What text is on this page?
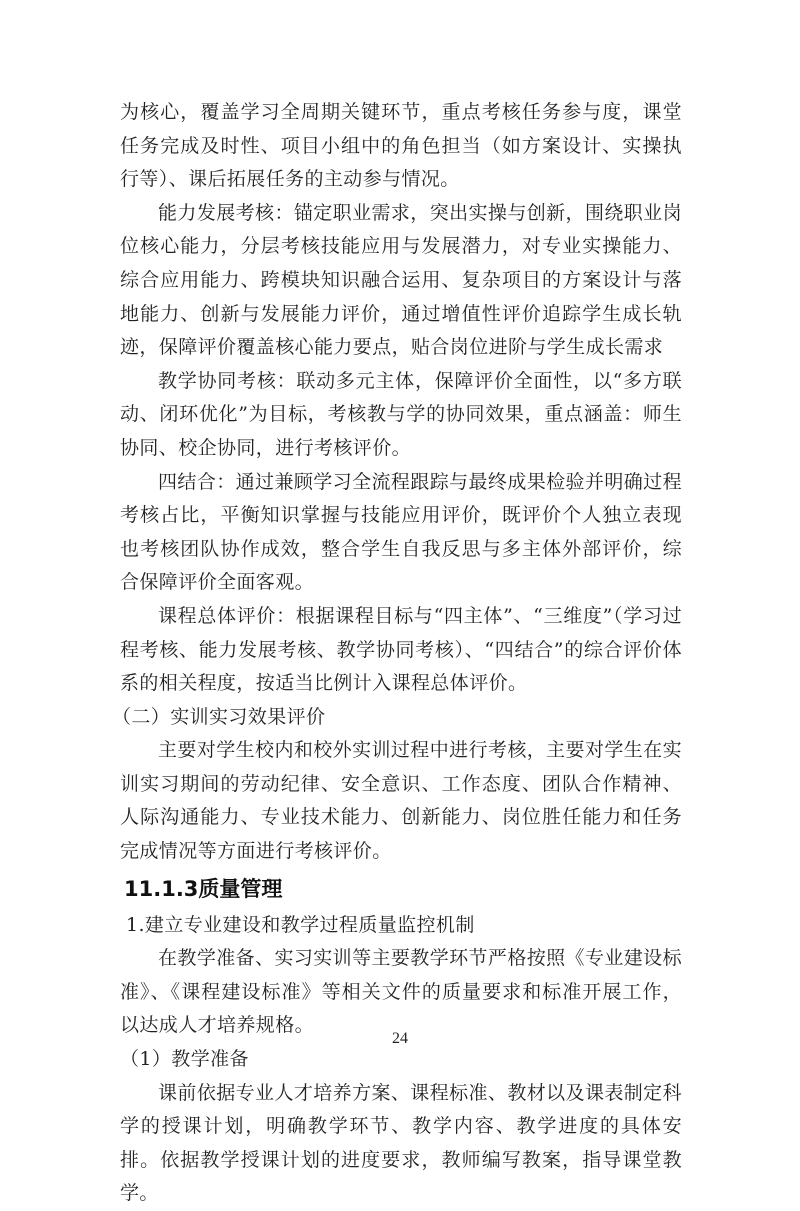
为核心，覆盖学习全周期关键环节，重点考核任务参与度，课堂任务完成及时性、项目小组中的角色担当（如方案设计、实操执行等）、课后拓展任务的主动参与情况。

能力发展考核：锚定职业需求，突出实操与创新，围绕职业岗位核心能力，分层考核技能应用与发展潜力，对专业实操能力、综合应用能力、跨模块知识融合运用、复杂项目的方案设计与落地能力、创新与发展能力评价，通过增值性评价追踪学生成长轨迹，保障评价覆盖核心能力要点，贴合岗位进阶与学生成长需求

教学协同考核：联动多元主体，保障评价全面性，以“多方联动、闭环优化”为目标，考核教与学的协同效果，重点涵盖：师生协同、校企协同，进行考核评价。

四结合：通过兼顾学习全流程跟踪与最终成果检验并明确过程考核占比，平衡知识掌握与技能应用评价，既评价个人独立表现也考核团队协作成效，整合学生自我反思与多主体外部评价，综合保障评价全面客观。

课程总体评价：根据课程目标与“四主体”、“三维度”（学习过程考核、能力发展考核、教学协同考核）、“四结合”的综合评价体系的相关程度，按适当比例计入课程总体评价。

（二）实训实习效果评价

主要对学生校内和校外实训过程中进行考核，主要对学生在实训实习期间的劳动纪律、安全意识、工作态度、团队合作精神、人际沟通能力、专业技术能力、创新能力、岗位胜任能力和任务完成情况等方面进行考核评价。

11.1.3质量管理

1.建立专业建设和教学过程质量监控机制

在教学准备、实习实训等主要教学环节严格按照《专业建设标准》、《课程建设标准》等相关文件的质量要求和标准开展工作，以达成人才培养规格。

（1）教学准备

课前依据专业人才培养方案、课程标准、教材以及课表制定科学的授课计划，明确教学环节、教学内容、教学进度的具体安排。依据教学授课计划的进度要求，教师编写教案，指导课堂教学。

24
